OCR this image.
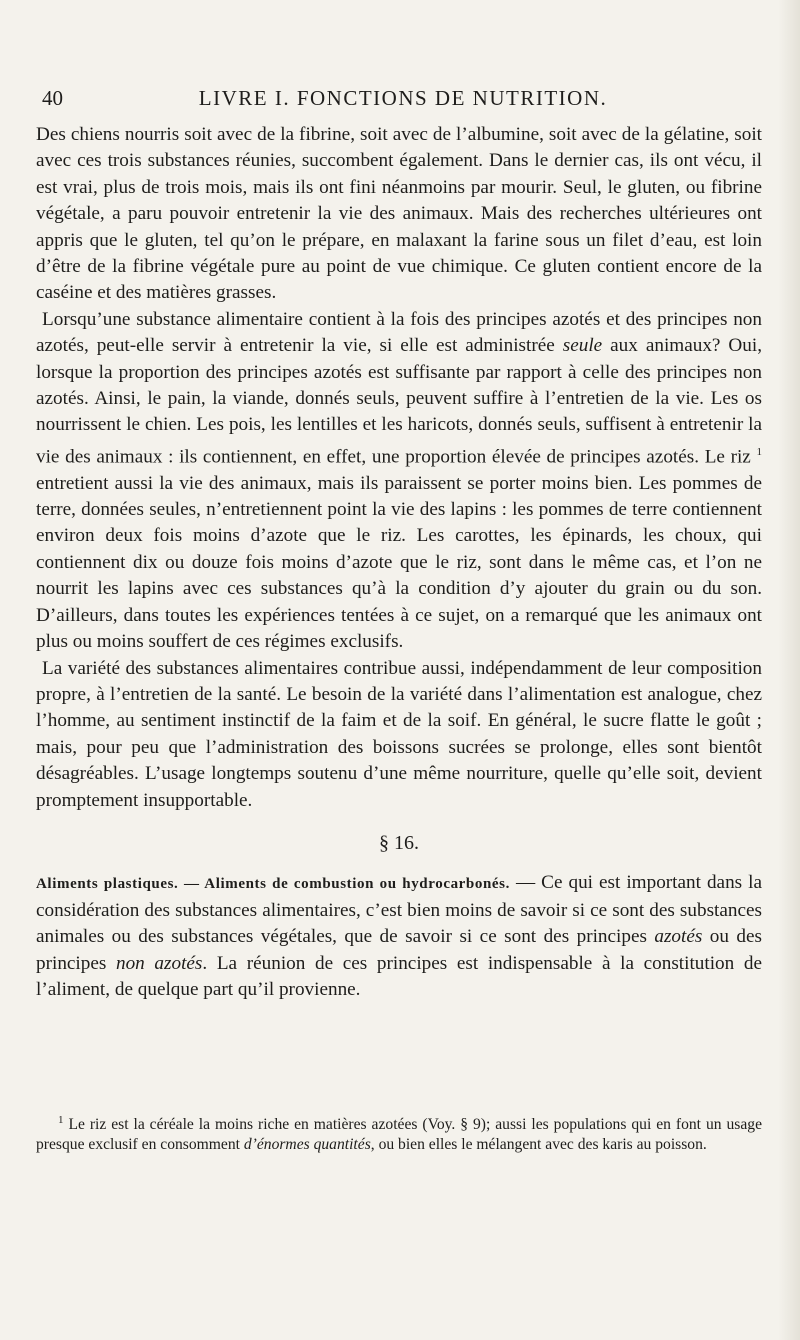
40	LIVRE I. FONCTIONS DE NUTRITION.

Des chiens nourris soit avec de la fibrine, soit avec de l’albumine, soit avec de la gélatine, soit avec ces trois substances réunies, succombent également. Dans le dernier cas, ils ont vécu, il est vrai, plus de trois mois, mais ils ont fini néanmoins par mourir. Seul, le gluten, ou fibrine végétale, a paru pouvoir entretenir la vie des animaux. Mais des recherches ultérieures ont appris que le gluten, tel qu’on le prépare, en malaxant la farine sous un filet d’eau, est loin d’être de la fibrine végétale pure au point de vue chimique. Ce gluten contient encore de la caséine et des matières grasses.

Lorsqu’une substance alimentaire contient à la fois des principes azotés et des principes non azotés, peut-elle servir à entretenir la vie, si elle est administrée seule aux animaux? Oui, lorsque la proportion des principes azotés est suffisante par rapport à celle des principes non azotés. Ainsi, le pain, la viande, donnés seuls, peuvent suffire à l’entretien de la vie. Les os nourrissent le chien. Les pois, les lentilles et les haricots, donnés seuls, suffisent à entretenir la vie des animaux : ils contiennent, en effet, une proportion élevée de principes azotés. Le riz $^1$ entretient aussi la vie des animaux, mais ils paraissent se porter moins bien. Les pommes de terre, données seules, n’entretiennent point la vie des lapins : les pommes de terre contiennent environ deux fois moins d’azote que le riz. Les carottes, les épinards, les choux, qui contiennent dix ou douze fois moins d’azote que le riz, sont dans le même cas, et l’on ne nourrit les lapins avec ces substances qu’à la condition d’y ajouter du grain ou du son. D’ailleurs, dans toutes les expériences tentées à ce sujet, on a remarqué que les animaux ont plus ou moins souffert de ces régimes exclusifs.

La variété des substances alimentaires contribue aussi, indépendamment de leur composition propre, à l’entretien de la santé. Le besoin de la variété dans l’alimentation est analogue, chez l’homme, au sentiment instinctif de la faim et de la soif. En général, le sucre flatte le goût ; mais, pour peu que l’administration des boissons sucrées se prolonge, elles sont bientôt désagréables. L’usage longtemps soutenu d’une même nourriture, quelle qu’elle soit, devient promptement insupportable.

§ 16.

Aliments plastiques. — Aliments de combustion ou hydrocarbonés. — Ce qui est important dans la considération des substances alimentaires, c’est bien moins de savoir si ce sont des substances animales ou des substances végétales, que de savoir si ce sont des principes azotés ou des principes non azotés. La réunion de ces principes est indispensable à la constitution de l’aliment, de quelque part qu’il provienne.

$^1$ Le riz est la céréale la moins riche en matières azotées (Voy. § 9); aussi les populations qui en font un usage presque exclusif en consomment d’énormes quantités, ou bien elles le mélangent avec des karis au poisson.
